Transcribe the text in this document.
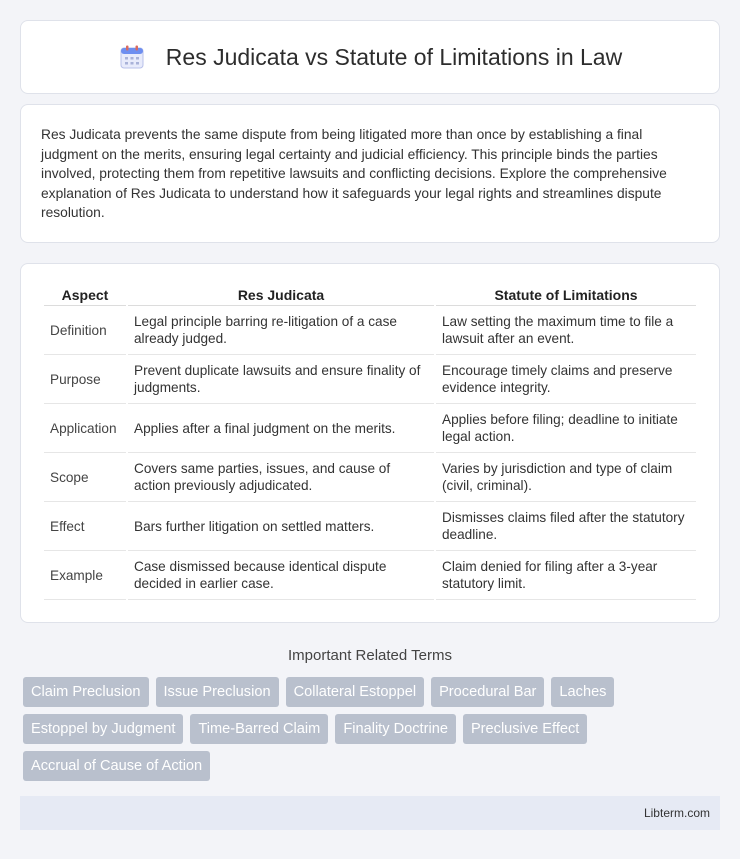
Res Judicata vs Statute of Limitations in Law
Res Judicata prevents the same dispute from being litigated more than once by establishing a final judgment on the merits, ensuring legal certainty and judicial efficiency. This principle binds the parties involved, protecting them from repetitive lawsuits and conflicting decisions. Explore the comprehensive explanation of Res Judicata to understand how it safeguards your legal rights and streamlines dispute resolution.
Aspect	Res Judicata	Statute of Limitations
Definition	Legal principle barring re-litigation of a case already judged.	Law setting the maximum time to file a lawsuit after an event.
Purpose	Prevent duplicate lawsuits and ensure finality of judgments.	Encourage timely claims and preserve evidence integrity.
Application	Applies after a final judgment on the merits.	Applies before filing; deadline to initiate legal action.
Scope	Covers same parties, issues, and cause of action previously adjudicated.	Varies by jurisdiction and type of claim (civil, criminal).
Effect	Bars further litigation on settled matters.	Dismisses claims filed after the statutory deadline.
Example	Case dismissed because identical dispute decided in earlier case.	Claim denied for filing after a 3-year statutory limit.
Important Related Terms
Claim Preclusion	Issue Preclusion	Collateral Estoppel	Procedural Bar	Laches
Estoppel by Judgment	Time-Barred Claim	Finality Doctrine	Preclusive Effect
Accrual of Cause of Action
Libterm.com
